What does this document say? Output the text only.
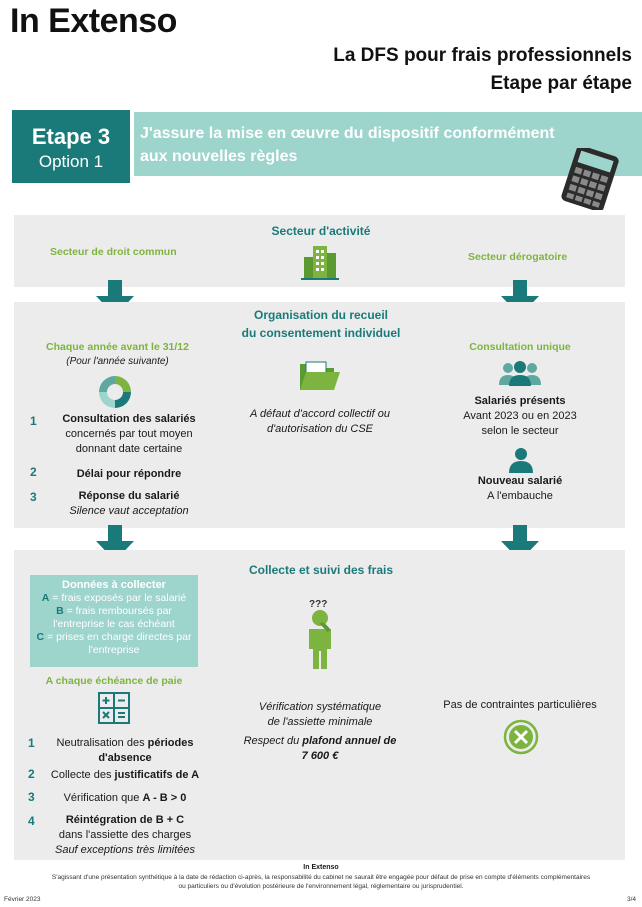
In Extenso
La DFS pour frais professionnels
Etape par étape
Etape 3
Option 1
J'assure la mise en œuvre du dispositif conformément
aux nouvelles règles
Secteur d'activité
Secteur de droit commun	Secteur dérogatoire
Organisation du recueil
du consentement individuel
Chaque année avant le 31/12
(Pour l'année suivante)
1	Consultation des salariés
concernés par tout moyen
donnant date certaine
2	Délai pour répondre
3	Réponse du salarié
Silence vaut acceptation
A défaut d'accord collectif ou
d'autorisation du CSE
Consultation unique
Salariés présents
Avant 2023 ou en 2023
selon le secteur
Nouveau salarié
A l'embauche
Collecte et suivi des frais
Données à collecter
A = frais exposés par le salarié
B = frais remboursés par
l'entreprise le cas échéant
C = prises en charge directes par
l'entreprise
A chaque échéance de paie
1	Neutralisation des périodes
d'absence
2	Collecte des justificatifs de A
3	Vérification que A - B > 0
4	Réintégration de B + C
dans l'assiette des charges
Sauf exceptions très limitées
???
Vérification systématique
de l'assiette minimale
Respect du plafond annuel de
7 600 €
Pas de contraintes particulières
In Extenso
S'agissant d'une présentation synthétique à la date de rédaction ci-après, la responsabilité du cabinet ne saurait être engagée pour défaut de prise en compte d'éléments complémentaires
ou particuliers ou d'évolution postérieure de l'environnement légal, réglementaire ou jurisprudentiel.
Février 2023	3/4
